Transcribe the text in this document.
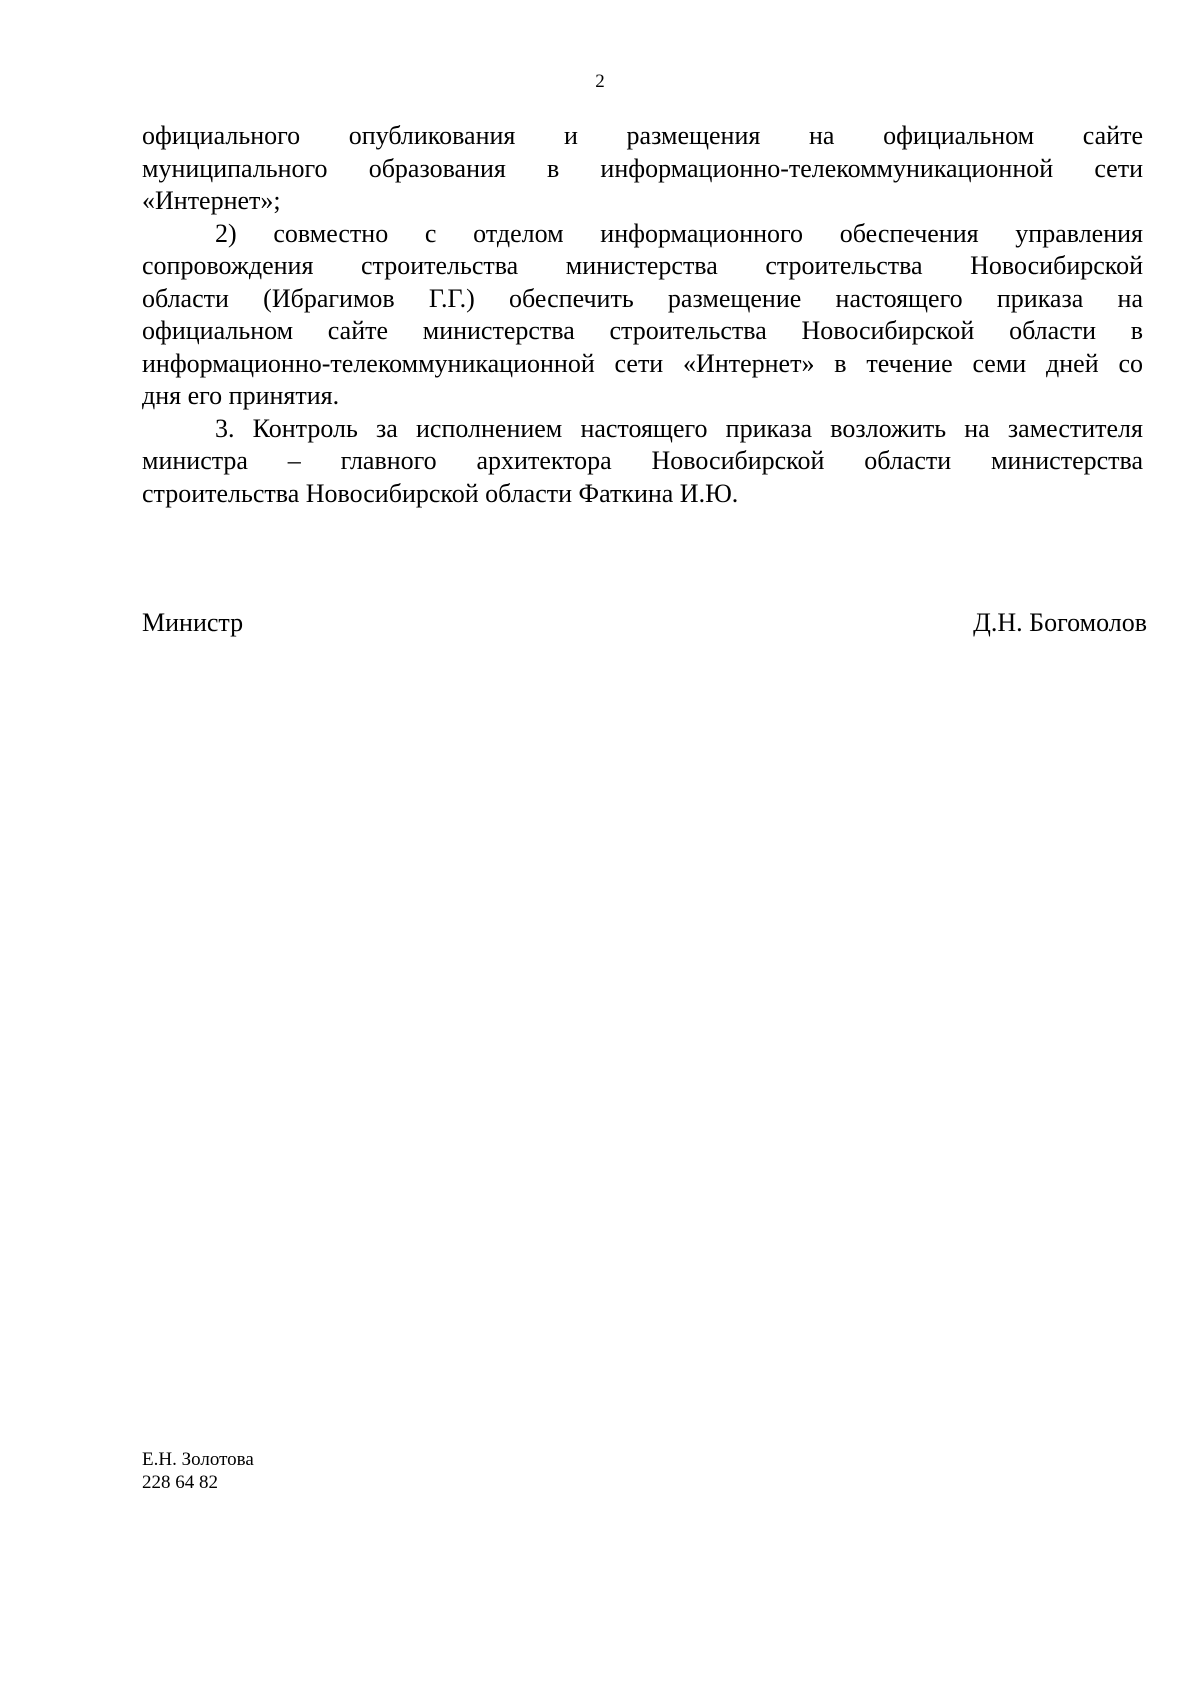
2

официального опубликования и размещения на официальном сайте
муниципального образования в информационно-телекоммуникационной сети
«Интернет»;

2) совместно с отделом информационного обеспечения управления
сопровождения строительства министерства строительства Новосибирской
области (Ибрагимов Г.Г.) обеспечить размещение настоящего приказа на
официальном сайте министерства строительства Новосибирской области в
информационно-телекоммуникационной сети «Интернет» в течение семи дней со
дня его принятия.

3. Контроль за исполнением настоящего приказа возложить на заместителя
министра – главного архитектора Новосибирской области министерства
строительства Новосибирской области Фаткина И.Ю.

Министр	Д.Н. Богомолов
Е.Н. Золотова
228 64 82
